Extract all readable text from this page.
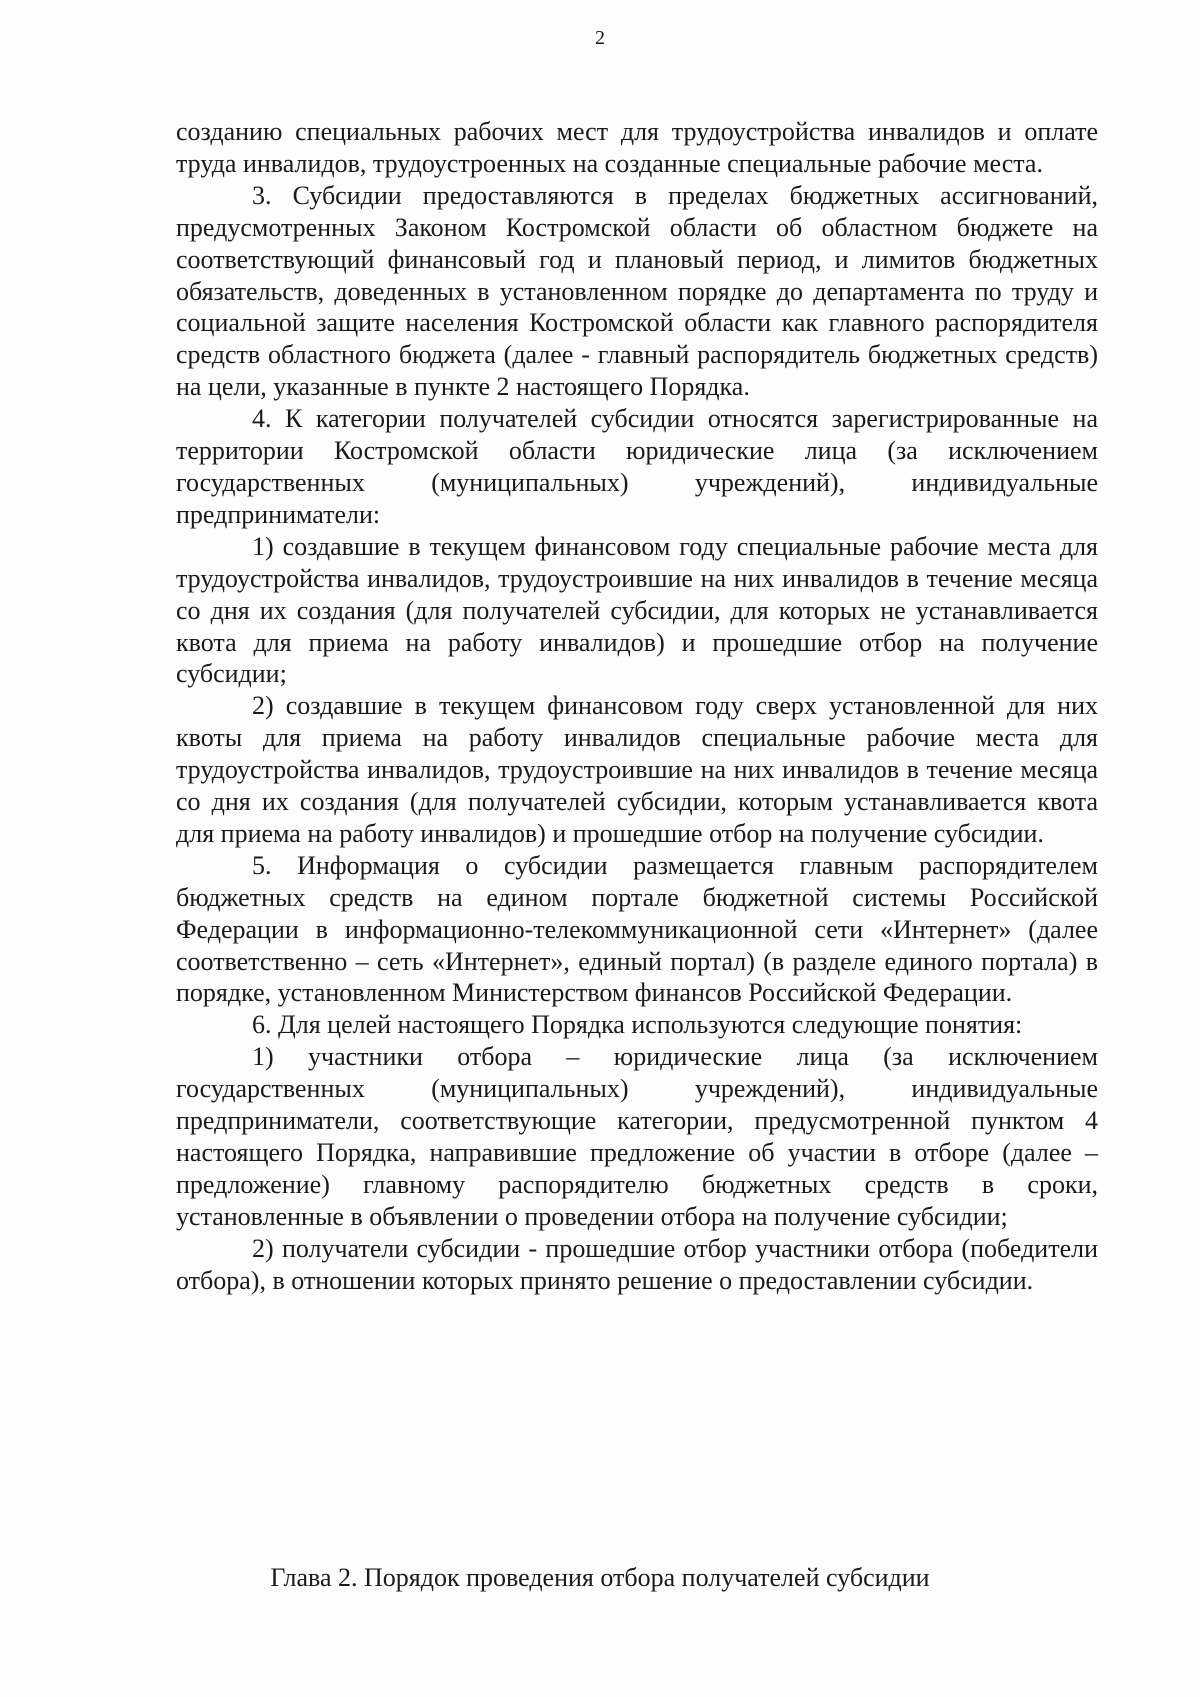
2

созданию специальных рабочих мест для трудоустройства инвалидов и оплате труда инвалидов, трудоустроенных на созданные специальные рабочие места.

3. Субсидии предоставляются в пределах бюджетных ассигнований, предусмотренных Законом Костромской области об областном бюджете на соответствующий финансовый год и плановый период, и лимитов бюджетных обязательств, доведенных в установленном порядке до департамента по труду и социальной защите населения Костромской области как главного распорядителя средств областного бюджета (далее - главный распорядитель бюджетных средств) на цели, указанные в пункте 2 настоящего Порядка.

4. К категории получателей субсидии относятся зарегистрированные на территории Костромской области юридические лица (за исключением государственных (муниципальных) учреждений), индивидуальные предприниматели:

1) создавшие в текущем финансовом году специальные рабочие места для трудоустройства инвалидов, трудоустроившие на них инвалидов в течение месяца со дня их создания (для получателей субсидии, для которых не устанавливается квота для приема на работу инвалидов) и прошедшие отбор на получение субсидии;

2) создавшие в текущем финансовом году сверх установленной для них квоты для приема на работу инвалидов специальные рабочие места для трудоустройства инвалидов, трудоустроившие на них инвалидов в течение месяца со дня их создания (для получателей субсидии, которым устанавливается квота для приема на работу инвалидов) и прошедшие отбор на получение субсидии.

5. Информация о субсидии размещается главным распорядителем бюджетных средств на едином портале бюджетной системы Российской Федерации в информационно-телекоммуникационной сети «Интернет» (далее соответственно – сеть «Интернет», единый портал) (в разделе единого портала) в порядке, установленном Министерством финансов Российской Федерации.

6. Для целей настоящего Порядка используются следующие понятия:

1) участники отбора – юридические лица (за исключением государственных (муниципальных) учреждений), индивидуальные предприниматели, соответствующие категории, предусмотренной пунктом 4 настоящего Порядка, направившие предложение об участии в отборе (далее – предложение) главному распорядителю бюджетных средств в сроки, установленные в объявлении о проведении отбора на получение субсидии;

2) получатели субсидии - прошедшие отбор участники отбора (победители отбора), в отношении которых принято решение о предоставлении субсидии.

Глава 2. Порядок проведения отбора получателей субсидии
